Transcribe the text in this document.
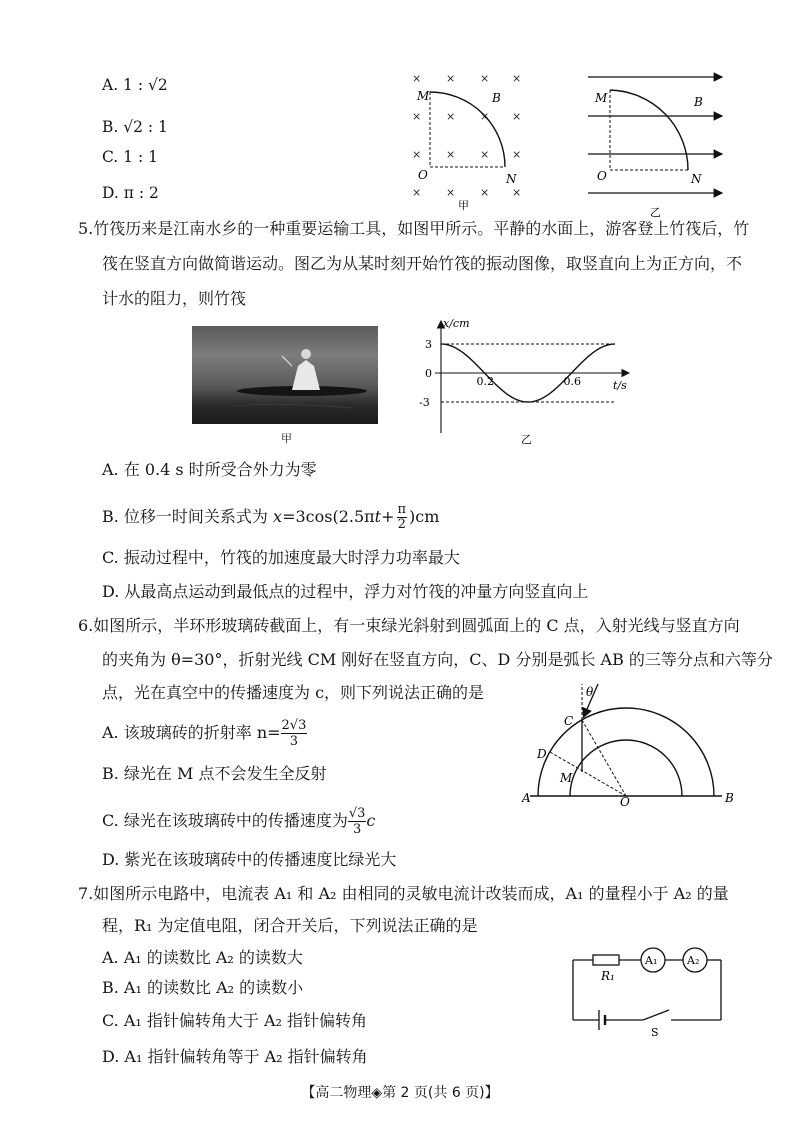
A. 1 : √2
B. √2 : 1
C. 1 : 1
D. π : 2
× × × ×
× × × ×
× × × ×
× ×
×	×
M	B
O	N
甲
M	B
O	N
乙
5.竹筏历来是江南水乡的一种重要运输工具，如图甲所示。平静的水面上，游客登上竹筏后，竹
筏在竖直方向做简谐运动。图乙为从某时刻开始竹筏的振动图像，取竖直向上为正方向，不
计水的阻力，则竹筏
甲
x/cm
t/s
3
0
-3
0.2	0.6
乙
A. 在 0.4 s 时所受合外力为零
B. 位移一时间关系式为 $x=3\cos(2.5\pi t+ \frac{\pi}{2} )cm$
C. 振动过程中，竹筏的加速度最大时浮力功率最大
D. 从最高点运动到最低点的过程中，浮力对竹筏的冲量方向竖直向上
6.如图所示，半环形玻璃砖截面上，有一束绿光斜射到圆弧面上的 C 点，入射光线与竖直方向
的夹角为 θ=30°，折射光线 CM 刚好在竖直方向，C、D 分别是弧长 AB 的三等分点和六等分
点，光在真空中的传播速度为 c，则下列说法正确的是
A. 该玻璃砖的折射率 $n= \frac{2√3}{3}$
B. 绿光在 M 点不会发生全反射
C. 绿光在该玻璃砖中的传播速度为 $\frac{√3}{3}$ c
D. 紫光在该玻璃砖中的传播速度比绿光大
θ
C
D
M
A	O	B
7.如图所示电路中，电流表 A₁ 和 A₂ 由相同的灵敏电流计改装而成，A₁ 的量程小于 A₂ 的量
程，R₁ 为定值电阻，闭合开关后，下列说法正确的是
A. A₁ 的读数比 A₂ 的读数大
B. A₁ 的读数比 A₂ 的读数小
C. A₁ 指针偏转角大于 A₂ 指针偏转角
D. A₁ 指针偏转角等于 A₂ 指针偏转角
R₁
A₁	A₂
S
【高二物理◈第 2 页(共 6 页)】
